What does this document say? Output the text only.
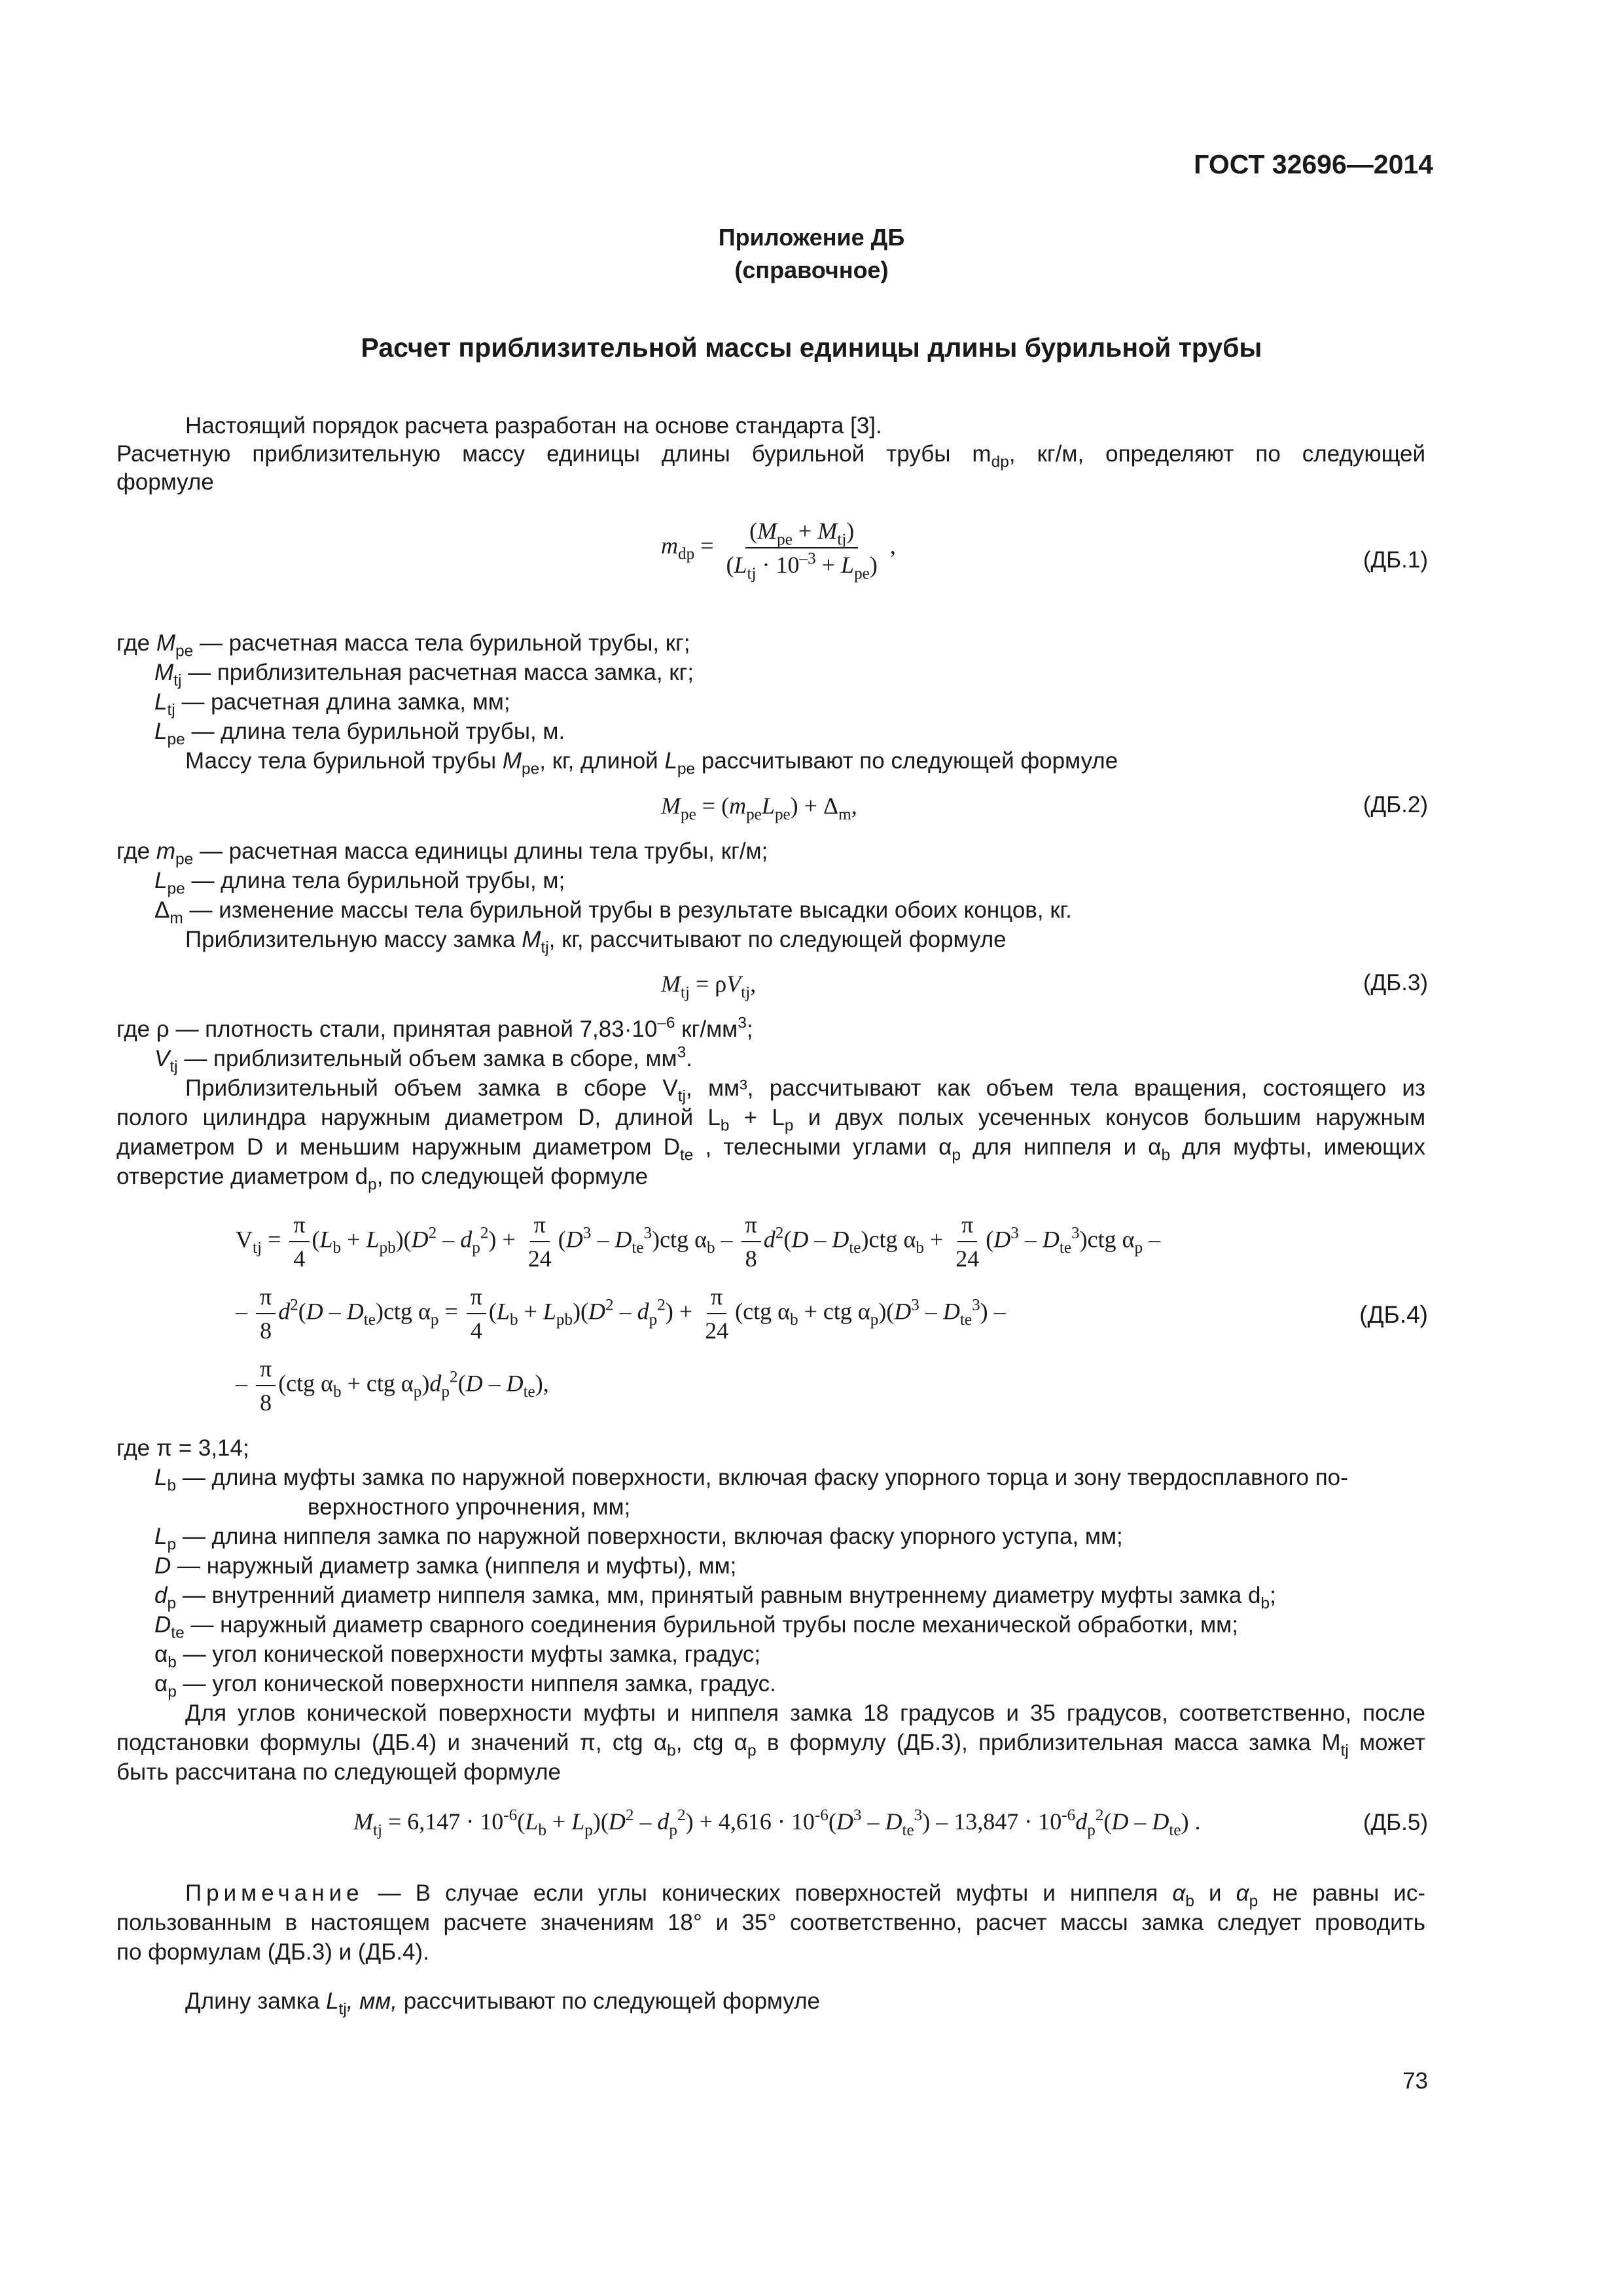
ГОСТ 32696—2014
Приложение ДБ
(справочное)
Расчет приблизительной массы единицы длины бурильной трубы
Настоящий порядок расчета разработан на основе стандарта [3].
Расчетную приблизительную массу единицы длины бурильной трубы $m_{dp}$, кг/м, определяют по следующей
формуле
$m_{dp} = \frac{(M_{pe} + M_{tj})}{(L_{tj} \cdot 10^{-3} + L_{pe})}$ ,
(ДБ.1)
где $M_{pe}$ — расчетная масса тела бурильной трубы, кг;
$M_{tj}$ — приблизительная расчетная масса замка, кг;
$L_{tj}$ — расчетная длина замка, мм;
$L_{pe}$ — длина тела бурильной трубы, м.
Массу тела бурильной трубы $M_{pe}$, кг, длиной $L_{pe}$ рассчитывают по следующей формуле
$M_{pe} = (m_{pe}L_{pe}) + \Delta_m$,	(ДБ.2)
где $m_{pe}$ — расчетная масса единицы длины тела трубы, кг/м;
$L_{pe}$ — длина тела бурильной трубы, м;
$\Delta_m$ — изменение массы тела бурильной трубы в результате высадки обоих концов, кг.
Приблизительную массу замка $M_{tj}$, кг, рассчитывают по следующей формуле
$M_{tj} = \rho V_{tj}$,	(ДБ.3)
где ρ — плотность стали, принятая равной $7,83\cdot 10^{-6}$ $кг/мм^3$;
$V_{tj}$ — приблизительный объем замка в сборе, $мм^3$.
Приблизительный объем замка в сборе $V_{tj}$, мм³, рассчитывают как объем тела вращения, состоящего из
полого цилиндра наружным диаметром D, длиной $L_b + L_p$ и двух полых усеченных конусов большим наружным
диаметром D и меньшим наружным диаметром $D_{te}$ , телесными углами $\alpha_p$ для ниппеля и $\alpha_b$ для муфты, имеющих
отверстие диаметром $d_p$, по следующей формуле
$V_{tj} = \frac{\pi}{4} (L_b + L_{pb})(D^2 - d_p^2) + \frac{\pi}{24} (D^3 - D_{te}^3)ctg$ $\alpha_b - \frac{\pi}{8} d^2(D - D_{te})ctg$ $\alpha_b + \frac{\pi}{24} (D^3 - D_{te}^3)ctg$ $\alpha_p$ –
– $\frac{\pi}{8} d^2(D - D_{te})ctg$ $\alpha_p = \frac{\pi}{4} (L_b + L_{pb})(D^2 - d_p^2) + \frac{\pi}{24} (ctg$ $\alpha_b$ + ctg $\alpha_p)(D^3 - D_{te}^3)$ –	(ДБ.4)
– $\frac{\pi}{8} (ctg$ $\alpha_b$ + ctg $\alpha_p)d_p^2(D - D_{te})$,
где π = 3,14;
$L_b$ — длина муфты замка по наружной поверхности, включая фаску упорного торца и зону твердосплавного по-
верхностного упрочнения, мм;
$L_p$ — длина ниппеля замка по наружной поверхности, включая фаску упорного уступа, мм;
D — наружный диаметр замка (ниппеля и муфты), мм;
$d_p$ — внутренний диаметр ниппеля замка, мм, принятый равным внутреннему диаметру муфты замка $d_b$;
$D_{te}$ — наружный диаметр сварного соединения бурильной трубы после механической обработки, мм;
$\alpha_b$ — угол конической поверхности муфты замка, градус;
$\alpha_p$ — угол конической поверхности ниппеля замка, градус.
Для углов конической поверхности муфты и ниппеля замка 18 градусов и 35 градусов, соответственно, после
подстановки формулы (ДБ.4) и значений π, ctg $\alpha_b$, ctg $\alpha_p$ в формулу (ДБ.3), приблизительная масса замка $M_{tj}$ может
быть рассчитана по следующей формуле
$M_{tj} = 6,147 \cdot 10^{-6}(L_b + L_p)(D^2 - d_p^2) + 4,616 \cdot 10^{-6}(D^3 - D_{te}^3) - 13,847 \cdot 10^{-6}d_p^2(D - D_{te})$ .	(ДБ.5)
Примечание — В случае если углы конических поверхностей муфты и ниппеля $\alpha_b$ и $\alpha_p$ не равны ис-
пользованным в настоящем расчете значениям 18° и 35° соответственно, расчет массы замка следует проводить
по формулам (ДБ.3) и (ДБ.4).
Длину замка $L_{tj}$, мм, рассчитывают по следующей формуле
73
